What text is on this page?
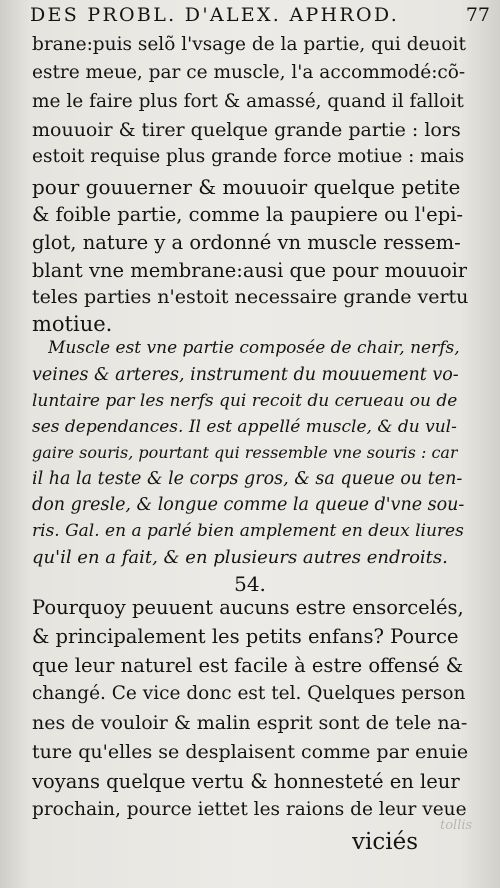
DES PROBL. D'ALEX. APHROD.	77
brane:puis selõ l'vsage de la partie, qui deuoit
estre meue, par ce muscle, l'a accommodé:cõ-
me le faire plus fort & amassé, quand il falloit
mouuoir & tirer quelque grande partie : lors
estoit requise plus grande force motiue : mais
pour gouuerner & mouuoir quelque petite
& foible partie, comme la paupiere ou l'epi-
glot, nature y a ordonné vn muscle ressem-
blant vne membrane:ausi que pour mouuoir
teles parties n'estoit necessaire grande vertu
motiue.
Muscle est vne partie composée de chair, nerfs,
veines & arteres, instrument du mouuement vo-
luntaire par les nerfs qui recoit du cerueau ou de
ses dependances. Il est appellé muscle, & du vul-
gaire souris, pourtant qui ressemble vne souris : car
il ha la teste & le corps gros, & sa queue ou ten-
don gresle, & longue comme la queue d'vne sou-
ris. Gal. en a parlé bien amplement en deux liures
qu'il en a fait, & en plusieurs autres endroits.
54.
Pourquoy peuuent aucuns estre ensorcelés,
& principalement les petits enfans? Pource
que leur naturel est facile à estre offensé &
changé. Ce vice donc est tel. Quelques person
nes de vouloir & malin esprit sont de tele na-
ture qu'elles se desplaisent comme par enuie
voyans quelque vertu & honnesteté en leur
prochain, pource iettet les raions de leur veue
viciés
tollis
